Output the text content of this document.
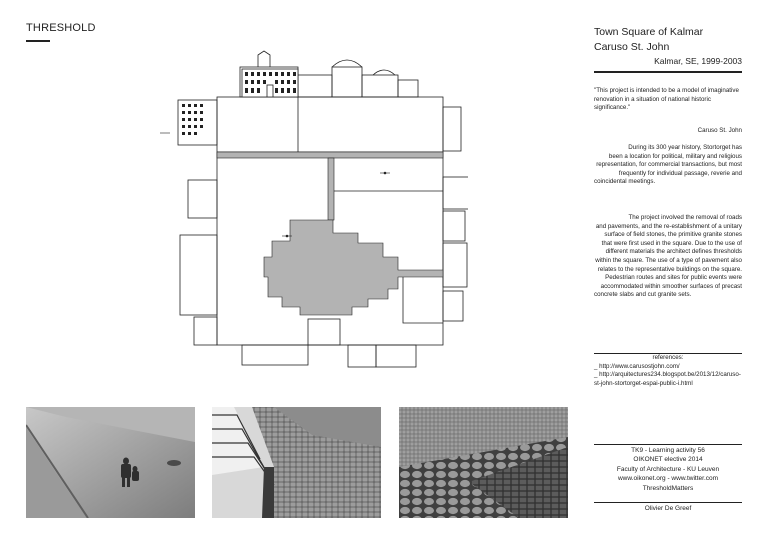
THRESHOLD	Town Square of Kalmar
Caruso St. John
Kalmar, SE, 1999-2003
"This project is intended to be a model of imaginative renovation in a situation of national historic significance."
Caruso St. John
During its 300 year history, Stortorget has been a location for political, military and religious representation, for commercial transactions, but most frequently for individual passage, reverie and coincidental meetings.
The project involved the removal of roads and pavements, and the re-establishment of a unitary surface of field stones, the primitive granite stones that were first used in the square. Due to the use of different materials the architect defines thresholds within the square. The use of a type of pavement also relates to the representative buildings on the square. Pedestrian routes and sites for public events were accommodated within smoother surfaces of precast concrete slabs and cut granite sets.
references:
_ http://www.carusostjohn.com/
_ http://arquitectures234.blogspot.be/2013/12/caruso-st-john-stortorget-espai-public-i.html
TK9 - Learning activity 56
OIKONET elective 2014
Faculty of Architecture - KU Leuven
www.oikonet.org - www.twitter.com
ThresholdMatters
Olivier De Greef
